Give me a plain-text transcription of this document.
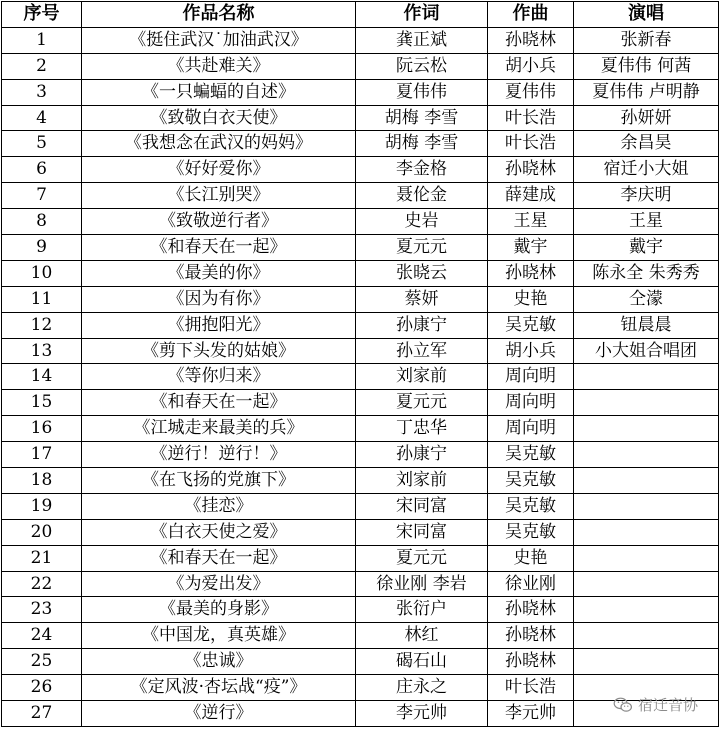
序号	作品名称	作词	作曲	演唱
1	《挺住武汉˙加油武汉》	龚正斌	孙晓林	张新春
2	《共赴难关》	阮云松	胡小兵	夏伟伟 何茜
3	《一只蝙蝠的自述》	夏伟伟	夏伟伟	夏伟伟 卢明静
4	《致敬白衣天使》	胡梅 李雪	叶长浩	孙妍妍
5	《我想念在武汉的妈妈》	胡梅 李雪	叶长浩	余昌昊
6	《好好爱你》	李金格	孙晓林	宿迁小大姐
7	《长江别哭》	聂伦金	薛建成	李庆明
8	《致敬逆行者》	史岩	王星	王星
9	《和春天在一起》	夏元元	戴宇	戴宇
10	《最美的你》	张晓云	孙晓林	陈永全 朱秀秀
11	《因为有你》	蔡妍	史艳	仝濛
12	《拥抱阳光》	孙康宁	吴克敏	钮晨晨
13	《剪下头发的姑娘》	孙立军	胡小兵	小大姐合唱团
14	《等你归来》	刘家前	周向明	
15	《和春天在一起》	夏元元	周向明	
16	《江城走来最美的兵》	丁忠华	周向明	
17	《逆行！逆行！》	孙康宁	吴克敏	
18	《在飞扬的党旗下》	刘家前	吴克敏	
19	《挂恋》	宋同富	吴克敏	
20	《白衣天使之爱》	宋同富	吴克敏	
21	《和春天在一起》	夏元元	史艳	
22	《为爱出发》	徐业刚 李岩	徐业刚	
23	《最美的身影》	张衍户	孙晓林	
24	《中国龙，真英雄》	林红	孙晓林	
25	《忠诚》	碣石山	孙晓林	
26	《定风波·杏坛战“疫”》	庄永之	叶长浩	
27	《逆行》	李元帅	李元帅		宿迁音协
